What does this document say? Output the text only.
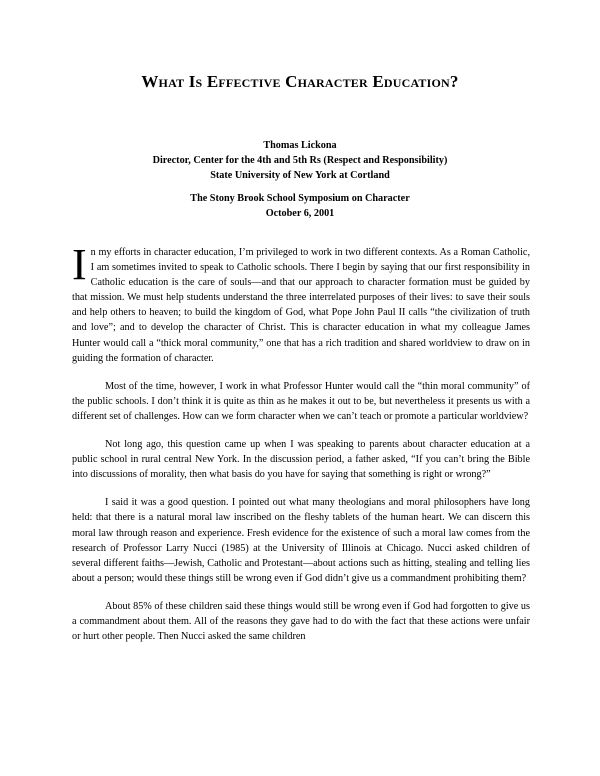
What Is Effective Character Education?
Thomas Lickona
Director, Center for the 4th and 5th Rs (Respect and Responsibility)
State University of New York at Cortland
The Stony Brook School Symposium on Character
October 6, 2001

In my efforts in character education, I’m privileged to work in two different contexts. As a Roman Catholic, I am sometimes invited to speak to Catholic schools. There I begin by saying that our first responsibility in Catholic education is the care of souls—and that our approach to character formation must be guided by that mission. We must help students understand the three interrelated purposes of their lives: to save their souls and help others to heaven; to build the kingdom of God, what Pope John Paul II calls “the civilization of truth and love”; and to develop the character of Christ. This is character education in what my colleague James Hunter would call a “thick moral community,” one that has a rich tradition and shared worldview to draw on in guiding the formation of character.

Most of the time, however, I work in what Professor Hunter would call the “thin moral community” of the public schools. I don’t think it is quite as thin as he makes it out to be, but nevertheless it presents us with a different set of challenges. How can we form character when we can’t teach or promote a particular worldview?

Not long ago, this question came up when I was speaking to parents about character education at a public school in rural central New York. In the discussion period, a father asked, “If you can’t bring the Bible into discussions of morality, then what basis do you have for saying that something is right or wrong?”

I said it was a good question. I pointed out what many theologians and moral philosophers have long held: that there is a natural moral law inscribed on the fleshy tablets of the human heart. We can discern this moral law through reason and experience. Fresh evidence for the existence of such a moral law comes from the research of Professor Larry Nucci (1985) at the University of Illinois at Chicago. Nucci asked children of several different faiths—Jewish, Catholic and Protestant—about actions such as hitting, stealing and telling lies about a person; would these things still be wrong even if God didn’t give us a commandment prohibiting them?

About 85% of these children said these things would still be wrong even if God had forgotten to give us a commandment about them. All of the reasons they gave had to do with the fact that these actions were unfair or hurt other people. Then Nucci asked the same children
